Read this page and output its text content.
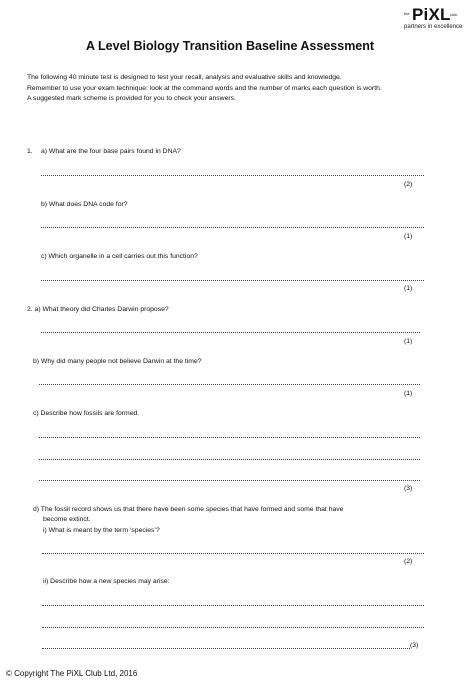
the PiXL club
partners in excellence
A Level Biology Transition Baseline Assessment
The following 40 minute test is designed to test your recall, analysis and evaluative skills and knowledge.
Remember to use your exam technique: look at the command words and the number of marks each question is worth.
A suggested mark scheme is provided for you to check your answers.
1. a) What are the four base pairs found in DNA?
(2)
b) What does DNA code for?
(1)
c) Which organelle in a cell carries out this function?
(1)
2. a) What theory did Charles Darwin propose?
(1)
b) Why did many people not believe Darwin at the time?
(1)
c) Describe how fossils are formed.
(3)
d) The fossil record shows us that there have been some species that have formed and some that have
become extinct.
i) What is meant by the term ‘species’?
(2)
ii) Describe how a new species may arise:
(3)
© Copyright The PiXL Club Ltd, 2016
